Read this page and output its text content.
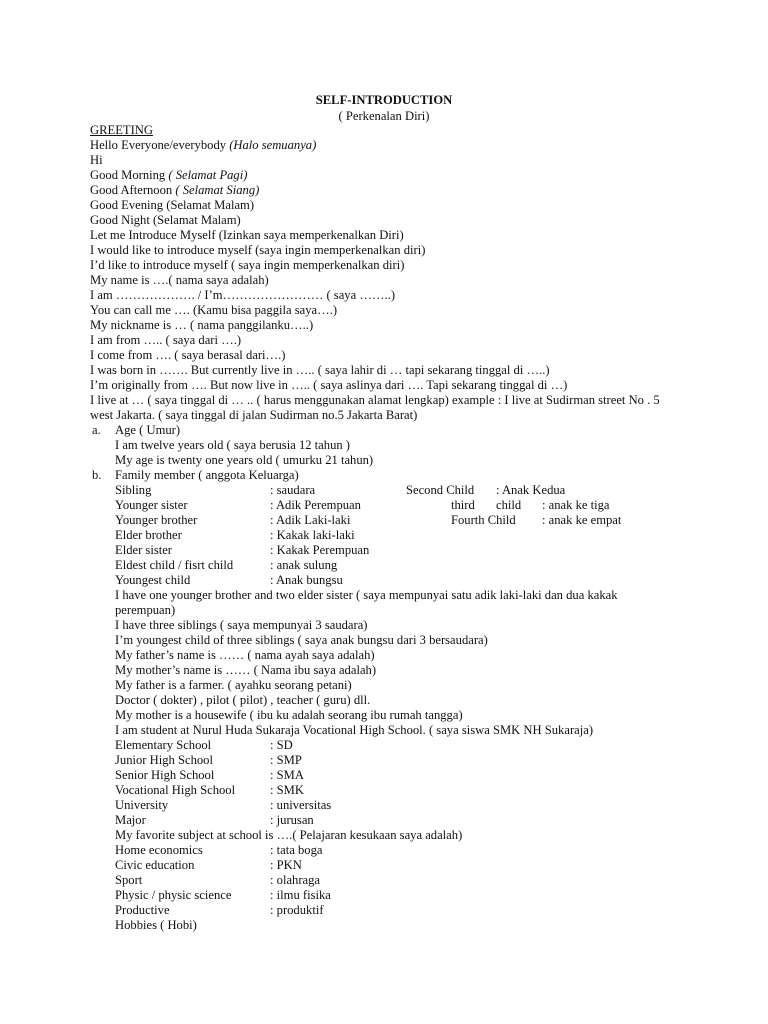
SELF-INTRODUCTION
( Perkenalan Diri)
GREETING
Hello Everyone/everybody (Halo semuanya)
Hi
Good Morning ( Selamat Pagi)
Good Afternoon ( Selamat Siang)
Good Evening (Selamat Malam)
Good Night (Selamat Malam)
Let me Introduce Myself (Izinkan saya memperkenalkan Diri)
I would like to introduce myself (saya ingin memperkenalkan diri)
I’d like to introduce myself ( saya ingin memperkenalkan diri)
My name is ….( nama saya adalah)
I am ………………. / I’m…………………… ( saya ……..)
You can call me …. (Kamu bisa paggila saya….)
My nickname is … ( nama panggilanku…..)
I am from ….. ( saya dari ….)
I come from …. ( saya berasal dari….)
I was born in ……. But currently live in ….. ( saya lahir di … tapi sekarang tinggal di …..)
I’m originally from …. But now live in ….. ( saya aslinya dari …. Tapi sekarang tinggal di …)
I live at … ( saya tinggal di … .. ( harus menggunakan alamat lengkap) example : I live at Sudirman street No . 5
west Jakarta. ( saya tinggal di jalan Sudirman no.5 Jakarta Barat)
a. Age ( Umur)
I am twelve years old ( saya berusia 12 tahun )
My age is twenty one years old ( umurku 21 tahun)
b. Family member ( anggota Keluarga)
Sibling	: saudara	Second Child : Anak Kedua
Younger sister	: Adik Perempuan	third child : anak ke tiga
Younger brother	: Adik Laki-laki	Fourth Child : anak ke empat
Elder brother	: Kakak laki-laki
Elder sister	: Kakak Perempuan
Eldest child / fisrt child	: anak sulung
Youngest child	: Anak bungsu
I have one younger brother and two elder sister ( saya mempunyai satu adik laki-laki dan dua kakak
perempuan)
I have three siblings ( saya mempunyai 3 saudara)
I’m youngest child of three siblings ( saya anak bungsu dari 3 bersaudara)
My father’s name is …… ( nama ayah saya adalah)
My mother’s name is …… ( Nama ibu saya adalah)
My father is a farmer. ( ayahku seorang petani)
Doctor ( dokter) , pilot ( pilot) , teacher ( guru) dll.
My mother is a housewife ( ibu ku adalah seorang ibu rumah tangga)
I am student at Nurul Huda Sukaraja Vocational High School. ( saya siswa SMK NH Sukaraja)
Elementary School	: SD
Junior High School	: SMP
Senior High School	: SMA
Vocational High School	: SMK
University	: universitas
Major	: jurusan
My favorite subject at school is ….( Pelajaran kesukaan saya adalah)
Home economics	: tata boga
Civic education	: PKN
Sport	: olahraga
Physic / physic science	: ilmu fisika
Productive	: produktif
Hobbies ( Hobi)
